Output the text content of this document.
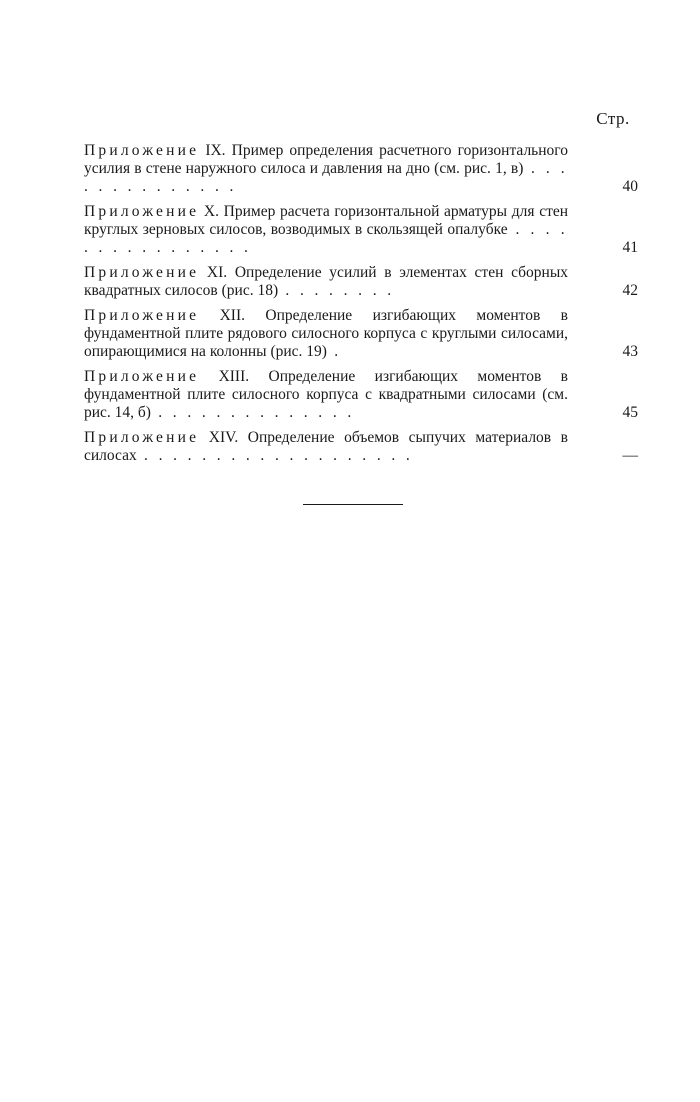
Стр.
Приложение IX. Пример определения расчетного горизонтального усилия в стене наружного силоса и давления на дно (см. рис. 1, в) . . . . . . . . . . . . . .	40
Приложение X. Пример расчета горизонтальной арматуры для стен круглых зерновых силосов, возводимых в скользящей опалубке . . . . . . . . . . . . . . . .	41
Приложение XI. Определение усилий в элементах стен сборных квадратных силосов (рис. 18) . . . . . . . .	42
Приложение XII. Определение изгибающих моментов в фундаментной плите рядового силосного корпуса с круглыми силосами, опирающимися на колонны (рис. 19) .	43
Приложение XIII. Определение изгибающих моментов в фундаментной плите силосного корпуса с квадратными силосами (см. рис. 14, б) . . . . . . . . . . . . . .	45
Приложение XIV. Определение объемов сыпучих материалов в силосах . . . . . . . . . . . . . . . . . . .	—
